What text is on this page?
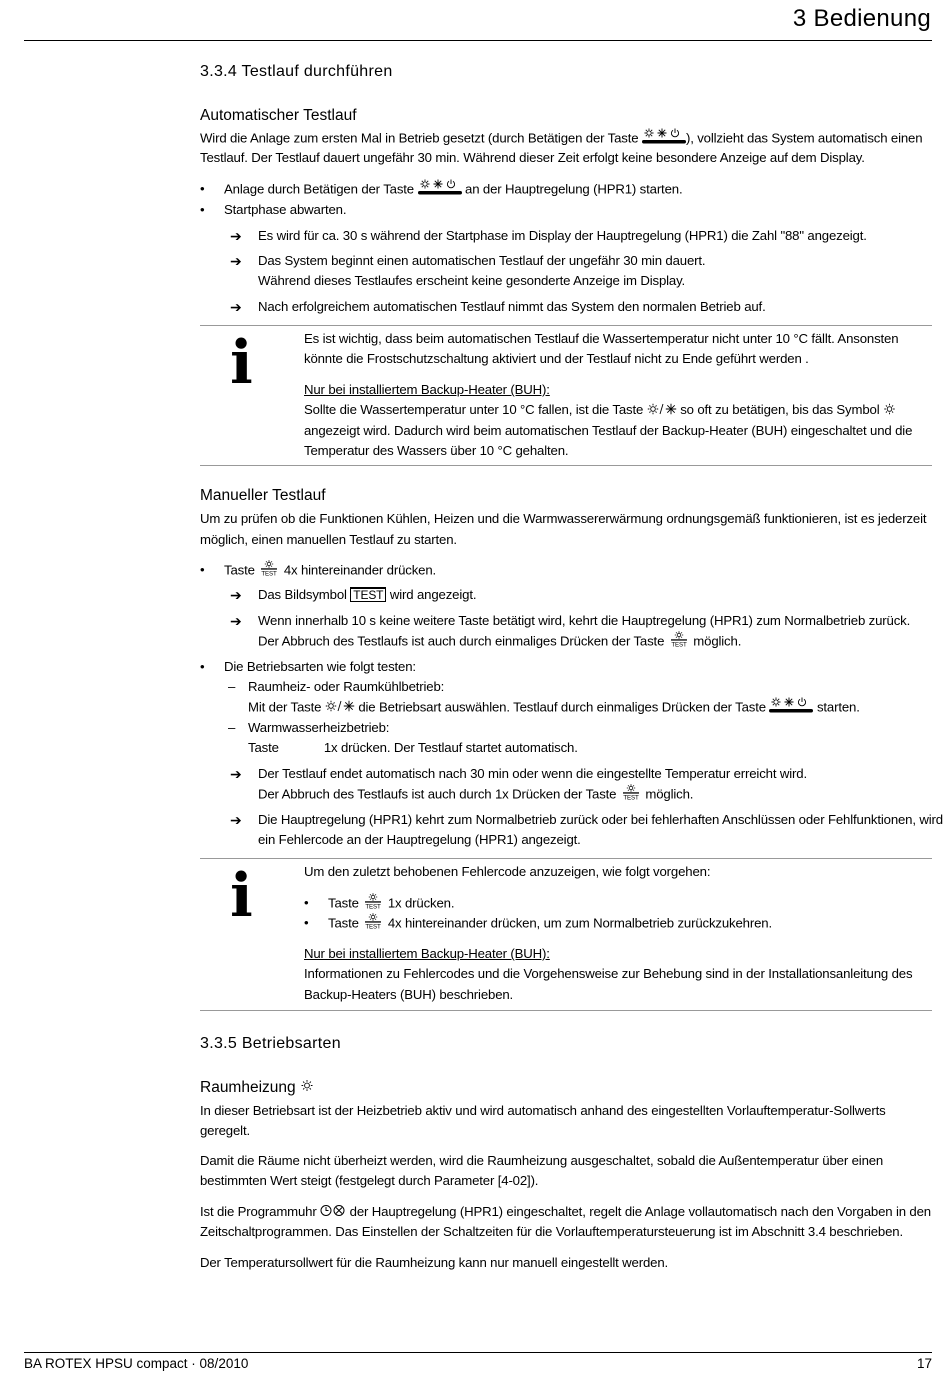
3 Bedienung
3.3.4 Testlauf durchführen
Automatischer Testlauf
Wird die Anlage zum ersten Mal in Betrieb gesetzt (durch Betätigen der Taste	), vollzieht das System automatisch einen
Testlauf. Der Testlauf dauert ungefähr 30 min. Während dieser Zeit erfolgt keine besondere Anzeige auf dem Display.
• Anlage durch Betätigen der Taste	an der Hauptregelung (HPR1) starten.
• Startphase abwarten.
➔ Es wird für ca. 30 s während der Startphase im Display der Hauptregelung (HPR1) die Zahl "88" angezeigt.
➔ Das System beginnt einen automatischen Testlauf der ungefähr 30 min dauert.
Während dieses Testlaufes erscheint keine gesonderte Anzeige im Display.
➔ Nach erfolgreichem automatischen Testlauf nimmt das System den normalen Betrieb auf.
i	Es ist wichtig, dass beim automatischen Testlauf die Wassertemperatur nicht unter 10 °C fällt. Ansonsten
könnte die Frostschutzschaltung aktiviert und der Testlauf nicht zu Ende geführt werden .
Nur bei installiertem Backup-Heater (BUH):
Sollte die Wassertemperatur unter 10 °C fallen, ist die Taste	so oft zu betätigen, bis das Symbol
angezeigt wird. Dadurch wird beim automatischen Testlauf der Backup-Heater (BUH) eingeschaltet und die
Temperatur des Wassers über 10 °C gehalten.
Manueller Testlauf
Um zu prüfen ob die Funktionen Kühlen, Heizen und die Warmwassererwärmung ordnungsgemäß funktionieren, ist es jederzeit
möglich, einen manuellen Testlauf zu starten.
• Taste TEST 4x hintereinander drücken.
➔ Das Bildsymbol TEST wird angezeigt.
➔ Wenn innerhalb 10 s keine weitere Taste betätigt wird, kehrt die Hauptregelung (HPR1) zum Normalbetrieb zurück.
Der Abbruch des Testlaufs ist auch durch einmaliges Drücken der Taste TEST möglich.
• Die Betriebsarten wie folgt testen:
– Raumheiz- oder Raumkühlbetrieb:
Mit der Taste	die Betriebsart auswählen. Testlauf durch einmaliges Drücken der Taste	starten.
– Warmwasserheizbetrieb:
Taste	1x drücken. Der Testlauf startet automatisch.
➔ Der Testlauf endet automatisch nach 30 min oder wenn die eingestellte Temperatur erreicht wird.
Der Abbruch des Testlaufs ist auch durch 1x Drücken der Taste TEST möglich.
➔ Die Hauptregelung (HPR1) kehrt zum Normalbetrieb zurück oder bei fehlerhaften Anschlüssen oder Fehlfunktionen, wird
ein Fehlercode an der Hauptregelung (HPR1) angezeigt.
i	Um den zuletzt behobenen Fehlercode anzuzeigen, wie folgt vorgehen:
• Taste TEST 1x drücken.
• Taste TEST 4x hintereinander drücken, um zum Normalbetrieb zurückzukehren.
Nur bei installiertem Backup-Heater (BUH):
Informationen zu Fehlercodes und die Vorgehensweise zur Behebung sind in der Installationsanleitung des
Backup-Heaters (BUH) beschrieben.
3.3.5 Betriebsarten
Raumheizung
In dieser Betriebsart ist der Heizbetrieb aktiv und wird automatisch anhand des eingestellten Vorlauftemperatur-Sollwerts
geregelt.
Damit die Räume nicht überheizt werden, wird die Raumheizung ausgeschaltet, sobald die Außentemperatur über einen
bestimmten Wert steigt (festgelegt durch Parameter [4-02]).
Ist die Programmuhr	der Hauptregelung (HPR1) eingeschaltet, regelt die Anlage vollautomatisch nach den Vorgaben in den
Zeitschaltprogrammen. Das Einstellen der Schaltzeiten für die Vorlauftemperatursteuerung ist im Abschnitt 3.4 beschrieben.
Der Temperatursollwert für die Raumheizung kann nur manuell eingestellt werden.
BA ROTEX HPSU compact · 08/2010	17
